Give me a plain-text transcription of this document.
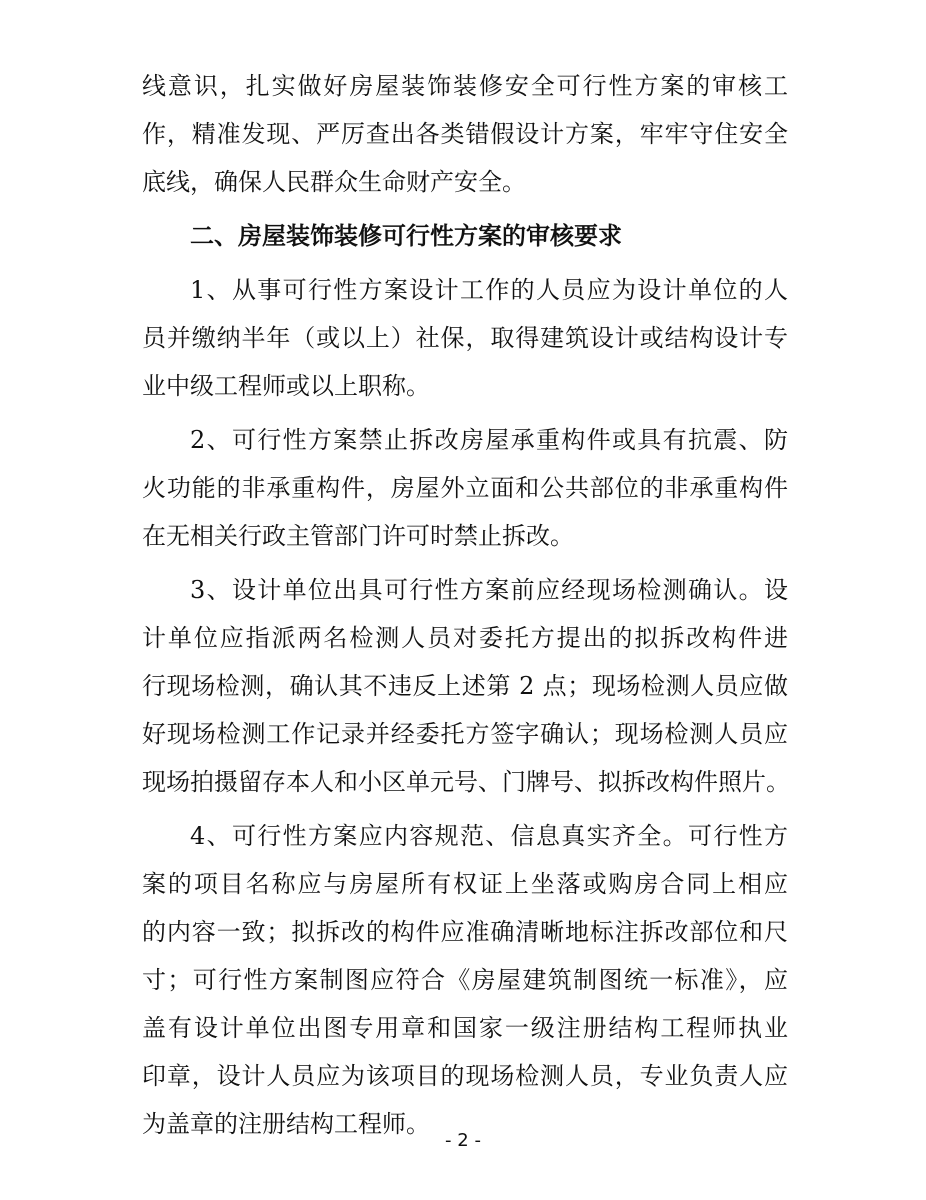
线意识，扎实做好房屋装饰装修安全可行性方案的审核工
作，精准发现、严厉查出各类错假设计方案，牢牢守住安全
底线，确保人民群众生命财产安全。
二、房屋装饰装修可行性方案的审核要求
1、从事可行性方案设计工作的人员应为设计单位的人
员并缴纳半年（或以上）社保，取得建筑设计或结构设计专
业中级工程师或以上职称。
2、可行性方案禁止拆改房屋承重构件或具有抗震、防
火功能的非承重构件，房屋外立面和公共部位的非承重构件
在无相关行政主管部门许可时禁止拆改。
3、设计单位出具可行性方案前应经现场检测确认。设
计单位应指派两名检测人员对委托方提出的拟拆改构件进
行现场检测，确认其不违反上述第 2 点；现场检测人员应做
好现场检测工作记录并经委托方签字确认；现场检测人员应
现场拍摄留存本人和小区单元号、门牌号、拟拆改构件照片。
4、可行性方案应内容规范、信息真实齐全。可行性方
案的项目名称应与房屋所有权证上坐落或购房合同上相应
的内容一致；拟拆改的构件应准确清晰地标注拆改部位和尺
寸；可行性方案制图应符合《房屋建筑制图统一标准》，应
盖有设计单位出图专用章和国家一级注册结构工程师执业
印章，设计人员应为该项目的现场检测人员，专业负责人应
为盖章的注册结构工程师。
- 2 -
